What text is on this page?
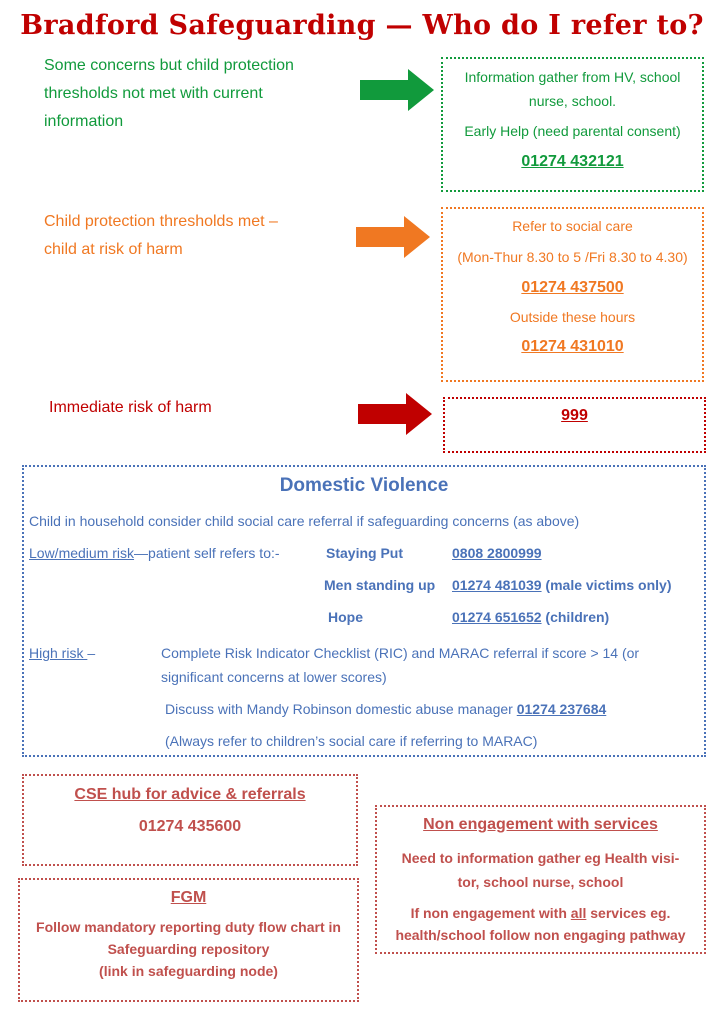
Bradford Safeguarding — Who do I refer to?
Some concerns but child protection
thresholds not met with current
information
Information gather from HV, school
nurse, school.
Early Help (need parental consent)
01274 432121
Child protection thresholds met –
child at risk of harm
Refer to social care
(Mon-Thur 8.30 to 5 /Fri 8.30 to 4.30)
01274 437500
Outside these hours
01274 431010
Immediate risk of harm	999
Domestic Violence
Child in household consider child social care referral if safeguarding concerns (as above)
Low/medium risk—patient self refers to:-	Staying Put	0808 2800999
Men standing up 01274 481039 (male victims only)
Hope	01274 651652 (children)
High risk –	Complete Risk Indicator Checklist (RIC) and MARAC referral if score > 14 (or
significant concerns at lower scores)
Discuss with Mandy Robinson domestic abuse manager 01274 237684
(Always refer to children’s social care if referring to MARAC)
CSE hub for advice & referrals
01274 435600
FGM
Follow mandatory reporting duty flow chart in
Safeguarding repository
(link in safeguarding node)
Non engagement with services
Need to information gather eg Health visi-
tor, school nurse, school
If non engagement with all services eg.
health/school follow non engaging pathway
